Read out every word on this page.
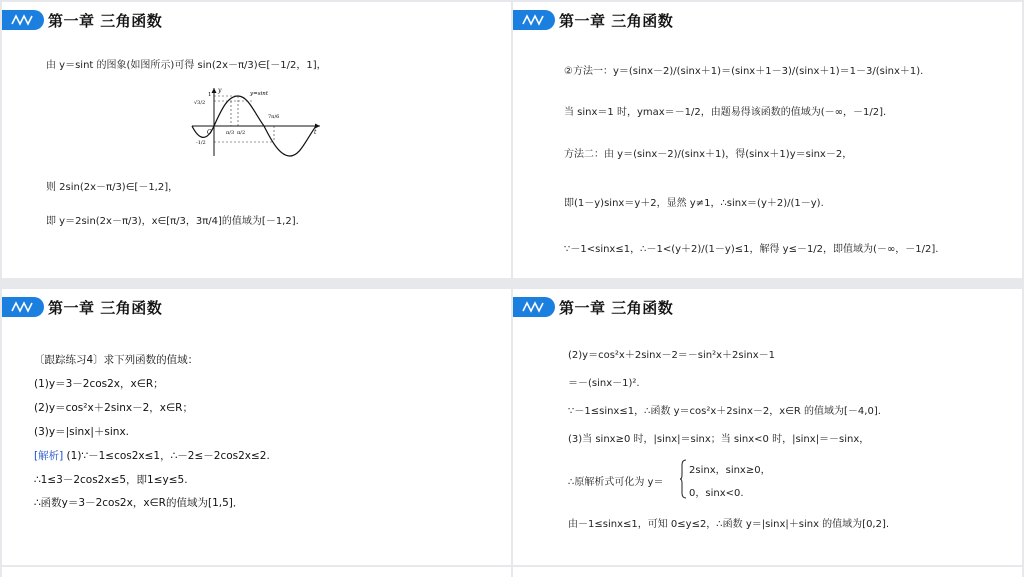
第一章 三角函数
由 y＝sint 的图象(如图所示)可得 sin(2x－π/3)∈[－1/2，1]，
y
t
O
1
√3/2
-1/2
π/3 π/2
7π/6
y=sint
则 2sin(2x－π/3)∈[－1,2]，
即 y＝2sin(2x－π/3)，x∈[π/3，3π/4]的值域为[－1,2].
第一章 三角函数
②方法一：y＝(sinx－2)/(sinx＋1)＝(sinx＋1－3)/(sinx＋1)＝1－3/(sinx＋1).
当 sinx＝1 时，ymax＝－1/2，由题易得该函数的值域为(－∞，－1/2].
方法二：由 y＝(sinx－2)/(sinx＋1)，得(sinx＋1)y＝sinx－2，
即(1－y)sinx＝y＋2，显然 y≠1，∴sinx＝(y＋2)/(1－y).
∵－1<sinx≤1，∴－1<(y＋2)/(1－y)≤1，解得 y≤－1/2，即值域为(－∞，－1/2].
第一章 三角函数
〔跟踪练习4〕求下列函数的值域：
(1)y＝3－2cos2x，x∈R；
(2)y＝cos²x＋2sinx－2，x∈R；
(3)y＝|sinx|＋sinx.
[解析] (1)∵－1≤cos2x≤1，∴－2≤－2cos2x≤2.
∴1≤3－2cos2x≤5，即1≤y≤5.
∴函数y＝3－2cos2x，x∈R的值域为[1,5]．
第一章 三角函数
(2)y＝cos²x＋2sinx－2＝－sin²x＋2sinx－1
＝－(sinx－1)².
∵－1≤sinx≤1，∴函数 y＝cos²x＋2sinx－2，x∈R 的值域为[－4,0].
(3)当 sinx≥0 时，|sinx|＝sinx；当 sinx<0 时，|sinx|＝－sinx，
∴原解析式可化为 y＝
2sinx，sinx≥0，
0，sinx<0.
由－1≤sinx≤1，可知 0≤y≤2，∴函数 y＝|sinx|＋sinx 的值域为[0,2].
